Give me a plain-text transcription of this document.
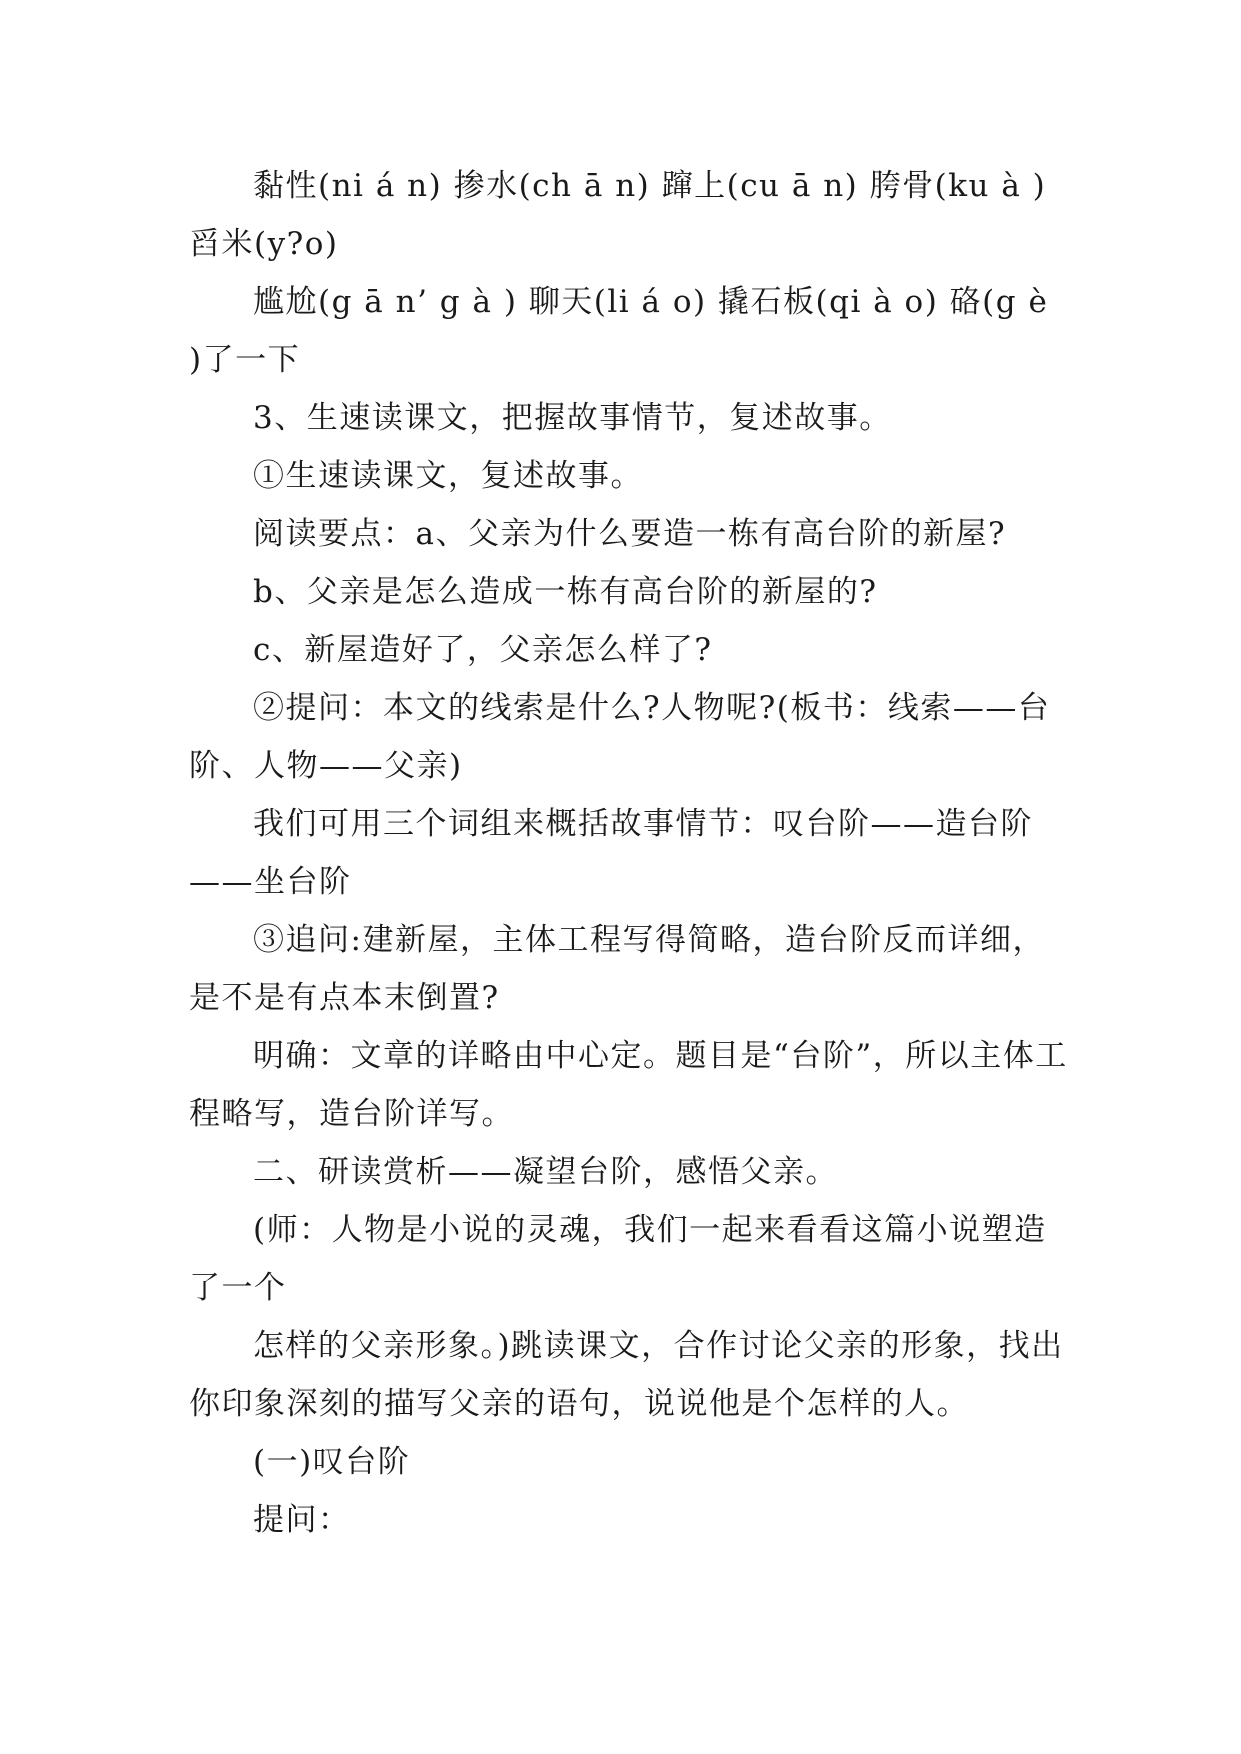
黏性(ni á n) 掺水(ch ā n) 蹿上(cu ā n) 胯骨(ku à ) 舀米(y?o)

尴尬(g ā n’ g à ) 聊天(li á o) 撬石板(qi à o) 硌(g è )了一下

3、生速读课文，把握故事情节，复述故事。

①生速读课文，复述故事。

阅读要点：a、父亲为什么要造一栋有高台阶的新屋?

b、父亲是怎么造成一栋有高台阶的新屋的?

c、新屋造好了，父亲怎么样了?

②提问：本文的线索是什么?人物呢?(板书：线索——台阶、人物——父亲)

我们可用三个词组来概括故事情节：叹台阶——造台阶——坐台阶

③追问:建新屋，主体工程写得简略，造台阶反而详细，是不是有点本末倒置?

明确：文章的详略由中心定。题目是“台阶”，所以主体工程略写，造台阶详写。

二、研读赏析——凝望台阶，感悟父亲。

(师：人物是小说的灵魂，我们一起来看看这篇小说塑造了一个

怎样的父亲形象。)跳读课文，合作讨论父亲的形象，找出你印象深刻的描写父亲的语句，说说他是个怎样的人。

(一)叹台阶

提问：
